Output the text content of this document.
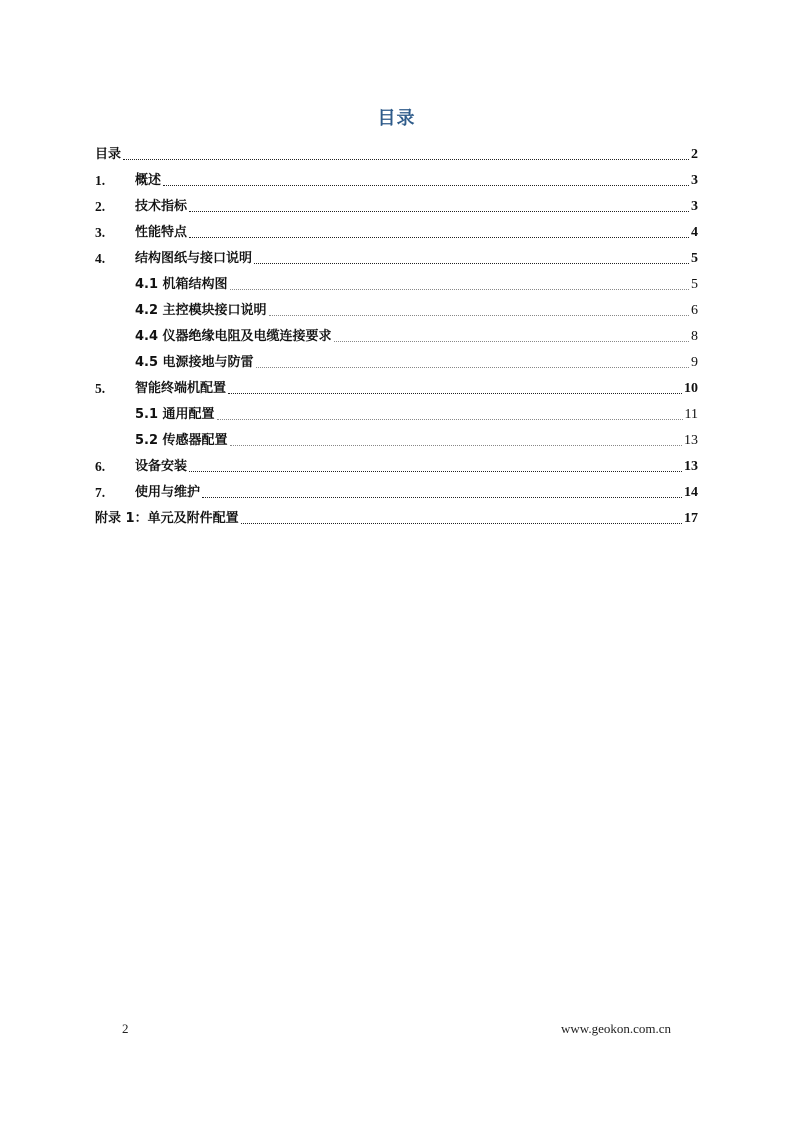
目录
目录	2
1.	概述	3
2.	技术指标	3
3.	性能特点	4
4.	结构图纸与接口说明	5
4.1 机箱结构图	5
4.2 主控模块接口说明	6
4.4 仪器绝缘电阻及电缆连接要求	8
4.5 电源接地与防雷	9
5.	智能终端机配置	10
5.1 通用配置	11
5.2 传感器配置	13
6.	设备安装	13
7.	使用与维护	14
附录 1：单元及附件配置	17
2	www.geokon.com.cn
